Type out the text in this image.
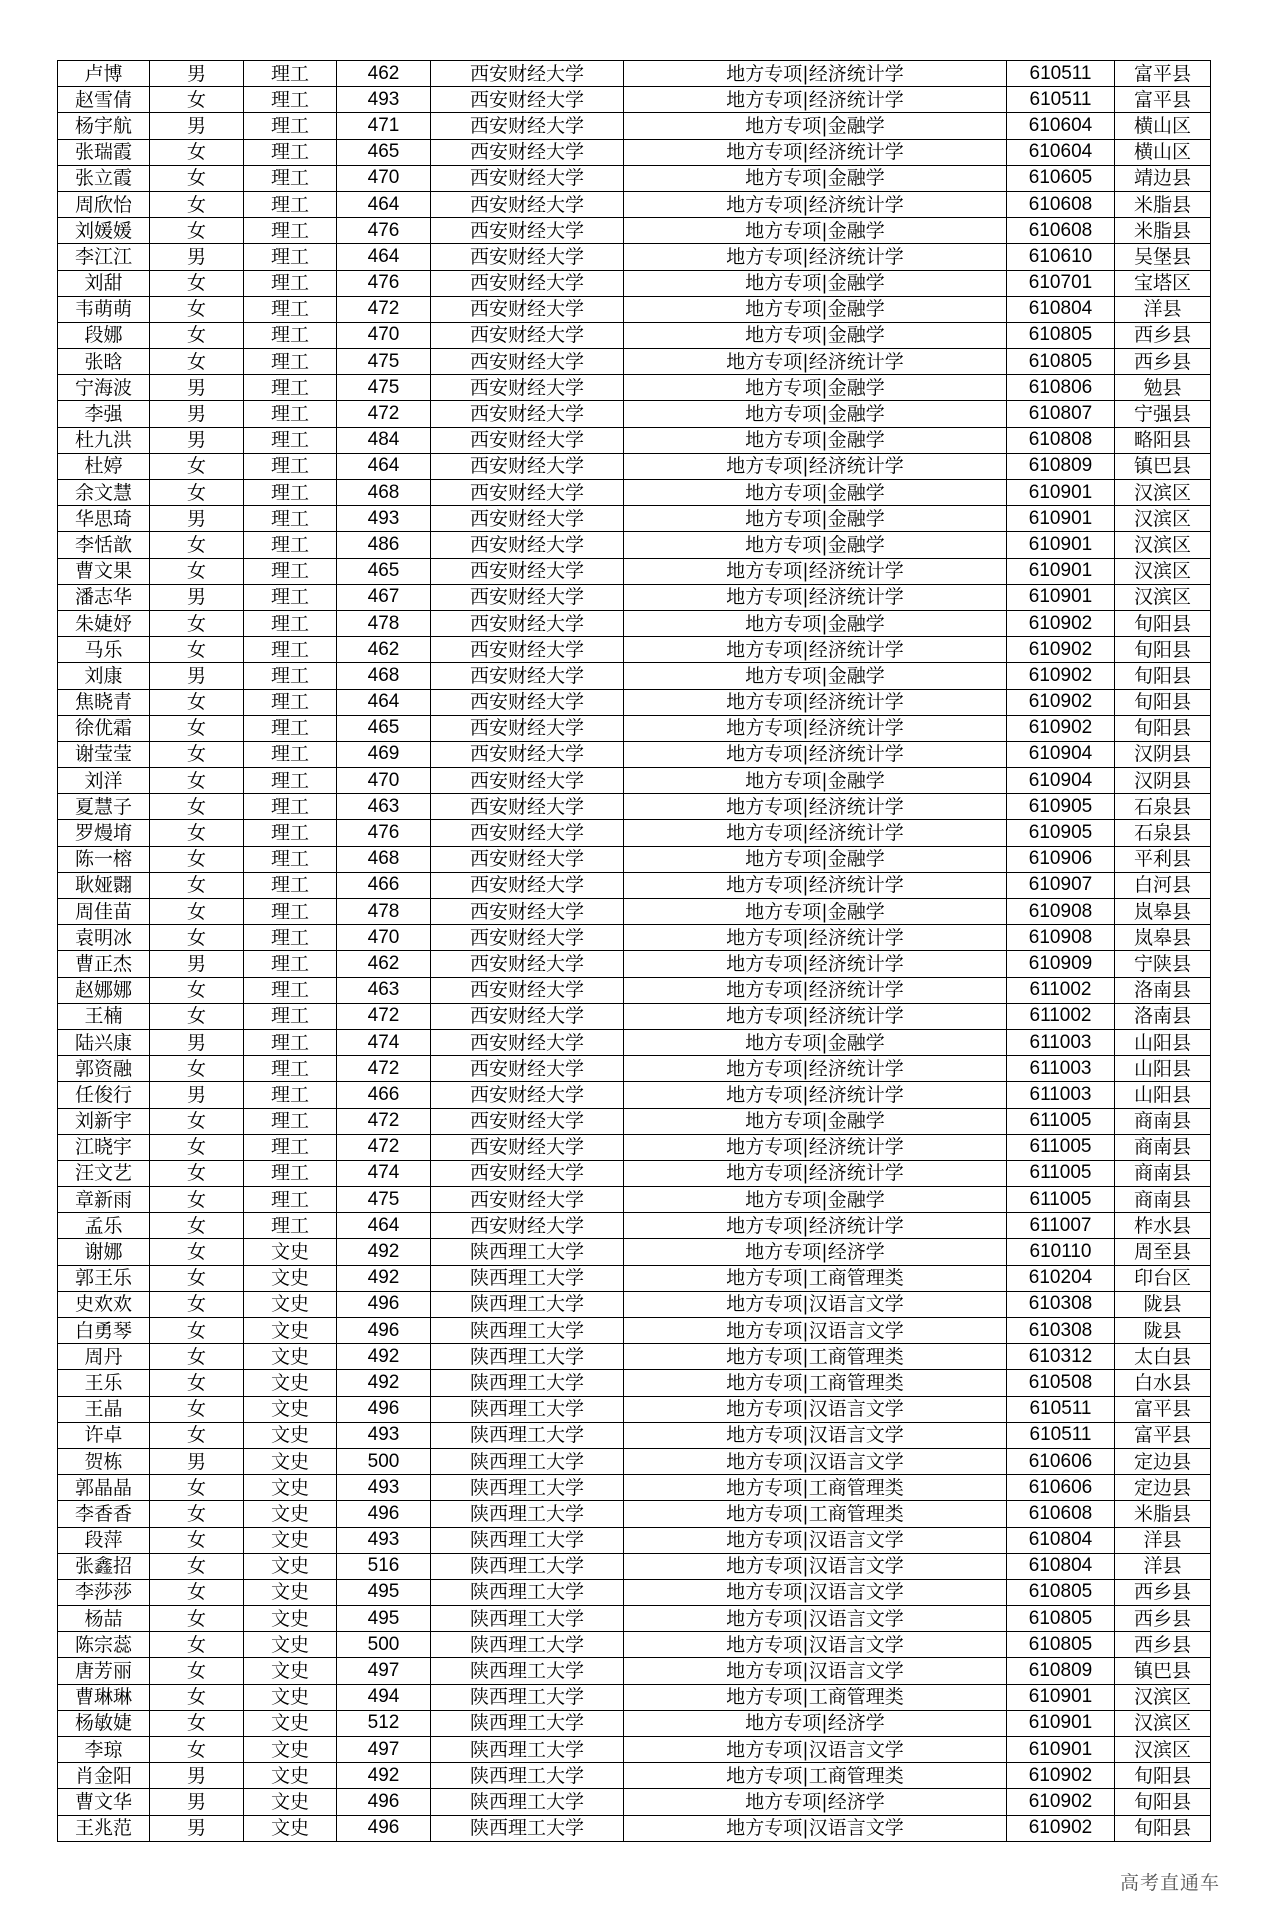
卢博	男	理工	462	西安财经大学	地方专项|经济统计学	610511	富平县
赵雪倩	女	理工	493	西安财经大学	地方专项|经济统计学	610511	富平县
杨宇航	男	理工	471	西安财经大学	地方专项|金融学	610604	横山区
张瑞霞	女	理工	465	西安财经大学	地方专项|经济统计学	610604	横山区
张立霞	女	理工	470	西安财经大学	地方专项|金融学	610605	靖边县
周欣怡	女	理工	464	西安财经大学	地方专项|经济统计学	610608	米脂县
刘媛媛	女	理工	476	西安财经大学	地方专项|金融学	610608	米脂县
李江江	男	理工	464	西安财经大学	地方专项|经济统计学	610610	吴堡县
刘甜	女	理工	476	西安财经大学	地方专项|金融学	610701	宝塔区
韦萌萌	女	理工	472	西安财经大学	地方专项|金融学	610804	洋县
段娜	女	理工	470	西安财经大学	地方专项|金融学	610805	西乡县
张晗	女	理工	475	西安财经大学	地方专项|经济统计学	610805	西乡县
宁海波	男	理工	475	西安财经大学	地方专项|金融学	610806	勉县
李强	男	理工	472	西安财经大学	地方专项|金融学	610807	宁强县
杜九洪	男	理工	484	西安财经大学	地方专项|金融学	610808	略阳县
杜婷	女	理工	464	西安财经大学	地方专项|经济统计学	610809	镇巴县
余文慧	女	理工	468	西安财经大学	地方专项|金融学	610901	汉滨区
华思琦	男	理工	493	西安财经大学	地方专项|金融学	610901	汉滨区
李恬歆	女	理工	486	西安财经大学	地方专项|金融学	610901	汉滨区
曹文果	女	理工	465	西安财经大学	地方专项|经济统计学	610901	汉滨区
潘志华	男	理工	467	西安财经大学	地方专项|经济统计学	610901	汉滨区
朱婕妤	女	理工	478	西安财经大学	地方专项|金融学	610902	旬阳县
马乐	女	理工	462	西安财经大学	地方专项|经济统计学	610902	旬阳县
刘康	男	理工	468	西安财经大学	地方专项|金融学	610902	旬阳县
焦晓青	女	理工	464	西安财经大学	地方专项|经济统计学	610902	旬阳县
徐优霜	女	理工	465	西安财经大学	地方专项|经济统计学	610902	旬阳县
谢莹莹	女	理工	469	西安财经大学	地方专项|经济统计学	610904	汉阴县
刘洋	女	理工	470	西安财经大学	地方专项|金融学	610904	汉阴县
夏慧子	女	理工	463	西安财经大学	地方专项|经济统计学	610905	石泉县
罗熳堉	女	理工	476	西安财经大学	地方专项|经济统计学	610905	石泉县
陈一榕	女	理工	468	西安财经大学	地方专项|金融学	610906	平利县
耿娅翾	女	理工	466	西安财经大学	地方专项|经济统计学	610907	白河县
周佳苗	女	理工	478	西安财经大学	地方专项|金融学	610908	岚皋县
袁明冰	女	理工	470	西安财经大学	地方专项|经济统计学	610908	岚皋县
曹正杰	男	理工	462	西安财经大学	地方专项|经济统计学	610909	宁陕县
赵娜娜	女	理工	463	西安财经大学	地方专项|经济统计学	611002	洛南县
王楠	女	理工	472	西安财经大学	地方专项|经济统计学	611002	洛南县
陆兴康	男	理工	474	西安财经大学	地方专项|金融学	611003	山阳县
郭资融	女	理工	472	西安财经大学	地方专项|经济统计学	611003	山阳县
任俊行	男	理工	466	西安财经大学	地方专项|经济统计学	611003	山阳县
刘新宇	女	理工	472	西安财经大学	地方专项|金融学	611005	商南县
江晓宇	女	理工	472	西安财经大学	地方专项|经济统计学	611005	商南县
汪文艺	女	理工	474	西安财经大学	地方专项|经济统计学	611005	商南县
章新雨	女	理工	475	西安财经大学	地方专项|金融学	611005	商南县
孟乐	女	理工	464	西安财经大学	地方专项|经济统计学	611007	柞水县
谢娜	女	文史	492	陕西理工大学	地方专项|经济学	610110	周至县
郭王乐	女	文史	492	陕西理工大学	地方专项|工商管理类	610204	印台区
史欢欢	女	文史	496	陕西理工大学	地方专项|汉语言文学	610308	陇县
白勇琴	女	文史	496	陕西理工大学	地方专项|汉语言文学	610308	陇县
周丹	女	文史	492	陕西理工大学	地方专项|工商管理类	610312	太白县
王乐	女	文史	492	陕西理工大学	地方专项|工商管理类	610508	白水县
王晶	女	文史	496	陕西理工大学	地方专项|汉语言文学	610511	富平县
许卓	女	文史	493	陕西理工大学	地方专项|汉语言文学	610511	富平县
贺栋	男	文史	500	陕西理工大学	地方专项|汉语言文学	610606	定边县
郭晶晶	女	文史	493	陕西理工大学	地方专项|工商管理类	610606	定边县
李香香	女	文史	496	陕西理工大学	地方专项|工商管理类	610608	米脂县
段萍	女	文史	493	陕西理工大学	地方专项|汉语言文学	610804	洋县
张鑫招	女	文史	516	陕西理工大学	地方专项|汉语言文学	610804	洋县
李莎莎	女	文史	495	陕西理工大学	地方专项|汉语言文学	610805	西乡县
杨喆	女	文史	495	陕西理工大学	地方专项|汉语言文学	610805	西乡县
陈宗蕊	女	文史	500	陕西理工大学	地方专项|汉语言文学	610805	西乡县
唐芳丽	女	文史	497	陕西理工大学	地方专项|汉语言文学	610809	镇巴县
曹琳琳	女	文史	494	陕西理工大学	地方专项|工商管理类	610901	汉滨区
杨敏婕	女	文史	512	陕西理工大学	地方专项|经济学	610901	汉滨区
李琼	女	文史	497	陕西理工大学	地方专项|汉语言文学	610901	汉滨区
肖金阳	男	文史	492	陕西理工大学	地方专项|工商管理类	610902	旬阳县
曹文华	男	文史	496	陕西理工大学	地方专项|经济学	610902	旬阳县
王兆范	男	文史	496	陕西理工大学	地方专项|汉语言文学	610902	旬阳县
高考直通车
